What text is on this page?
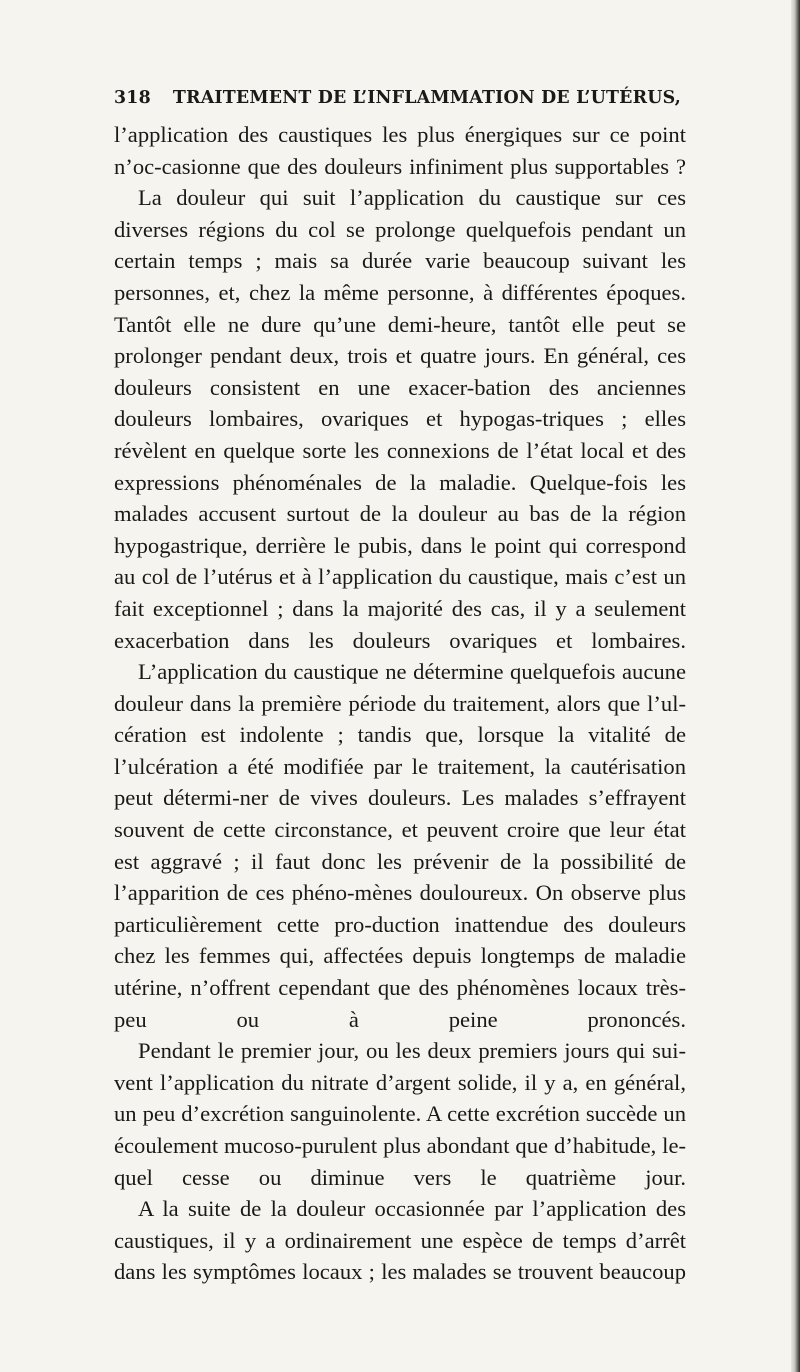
318 TRAITEMENT DE L’INFLAMMATION DE L’UTÉRUS,

l’application des caustiques les plus énergiques sur ce point n’oc-casionne que des douleurs infiniment plus supportables ?

La douleur qui suit l’application du caustique sur ces diverses régions du col se prolonge quelquefois pendant un certain temps ; mais sa durée varie beaucoup suivant les personnes, et, chez la même personne, à différentes époques. Tantôt elle ne dure qu’une demi-heure, tantôt elle peut se prolonger pendant deux, trois et quatre jours. En général, ces douleurs consistent en une exacer-bation des anciennes douleurs lombaires, ovariques et hypogas-triques ; elles révèlent en quelque sorte les connexions de l’état local et des expressions phénoménales de la maladie. Quelque-fois les malades accusent surtout de la douleur au bas de la région hypogastrique, derrière le pubis, dans le point qui correspond au col de l’utérus et à l’application du caustique, mais c’est un fait exceptionnel ; dans la majorité des cas, il y a seulement exacerbation dans les douleurs ovariques et lombaires.

L’application du caustique ne détermine quelquefois aucune douleur dans la première période du traitement, alors que l’ul-cération est indolente ; tandis que, lorsque la vitalité de l’ulcération a été modifiée par le traitement, la cautérisation peut détermi-ner de vives douleurs. Les malades s’effrayent souvent de cette circonstance, et peuvent croire que leur état est aggravé ; il faut donc les prévenir de la possibilité de l’apparition de ces phéno-mènes douloureux. On observe plus particulièrement cette pro-duction inattendue des douleurs chez les femmes qui, affectées depuis longtemps de maladie utérine, n’offrent cependant que des phénomènes locaux très-peu ou à peine prononcés.

Pendant le premier jour, ou les deux premiers jours qui sui-vent l’application du nitrate d’argent solide, il y a, en général, un peu d’excrétion sanguinolente. A cette excrétion succède un écoulement mucoso-purulent plus abondant que d’habitude, le-quel cesse ou diminue vers le quatrième jour.

A la suite de la douleur occasionnée par l’application des caustiques, il y a ordinairement une espèce de temps d’arrêt dans les symptômes locaux ; les malades se trouvent beaucoup
